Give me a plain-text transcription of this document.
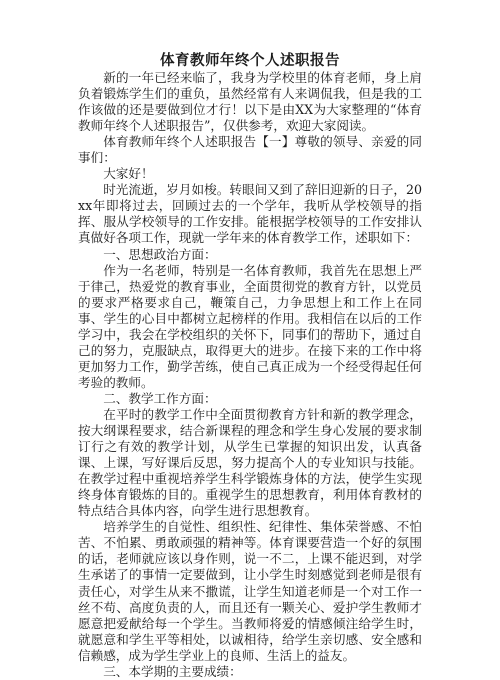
体育教师年终个人述职报告

新的一年已经来临了，我身为学校里的体育老师，身上肩负着锻炼学生们的重负，虽然经常有人来调侃我，但是我的工作该做的还是要做到位才行！以下是由XX为大家整理的“体育教师年终个人述职报告”，仅供参考，欢迎大家阅读。

体育教师年终个人述职报告【一】尊敬的领导、亲爱的同事们：

大家好！

时光流逝，岁月如梭。转眼间又到了辞旧迎新的日子，20xx年即将过去，回顾过去的一个学年，我听从学校领导的指挥、服从学校领导的工作安排。能根据学校领导的工作安排认真做好各项工作，现就一学年来的体育教学工作，述职如下：

一、思想政治方面：

作为一名老师，特别是一名体育教师，我首先在思想上严于律己，热爱党的教育事业，全面贯彻党的教育方针，以党员的要求严格要求自己，鞭策自己，力争思想上和工作上在同事、学生的心目中都树立起榜样的作用。我相信在以后的工作学习中，我会在学校组织的关怀下，同事们的帮助下，通过自己的努力，克服缺点，取得更大的进步。在接下来的工作中将更加努力工作，勤学苦练，使自己真正成为一个经受得起任何考验的教师。

二、教学工作方面：

在平时的教学工作中全面贯彻教育方针和新的教学理念，按大纲课程要求，结合新课程的理念和学生身心发展的要求制订行之有效的教学计划，从学生已掌握的知识出发，认真备课、上课，写好课后反思，努力提高个人的专业知识与技能。在教学过程中重视培养学生科学锻炼身体的方法，使学生实现终身体育锻炼的目的。重视学生的思想教育，利用体育教材的特点结合具体内容，向学生进行思想教育。

培养学生的自觉性、组织性、纪律性、集体荣誉感、不怕苦、不怕累、勇敢顽强的精神等。体育课要营造一个好的氛围的话，老师就应该以身作则，说一不二，上课不能迟到，对学生承诺了的事情一定要做到，让小学生时刻感觉到老师是很有责任心，对学生从来不撒谎，让学生知道老师是一个对工作一丝不苟、高度负责的人，而且还有一颗关心、爱护学生教师才愿意把爱献给每一个学生。当教师将爱的情感倾注给学生时，就愿意和学生平等相处，以诚相待，给学生亲切感、安全感和信赖感，成为学生学业上的良师、生活上的益友。

三、本学期的主要成绩：
